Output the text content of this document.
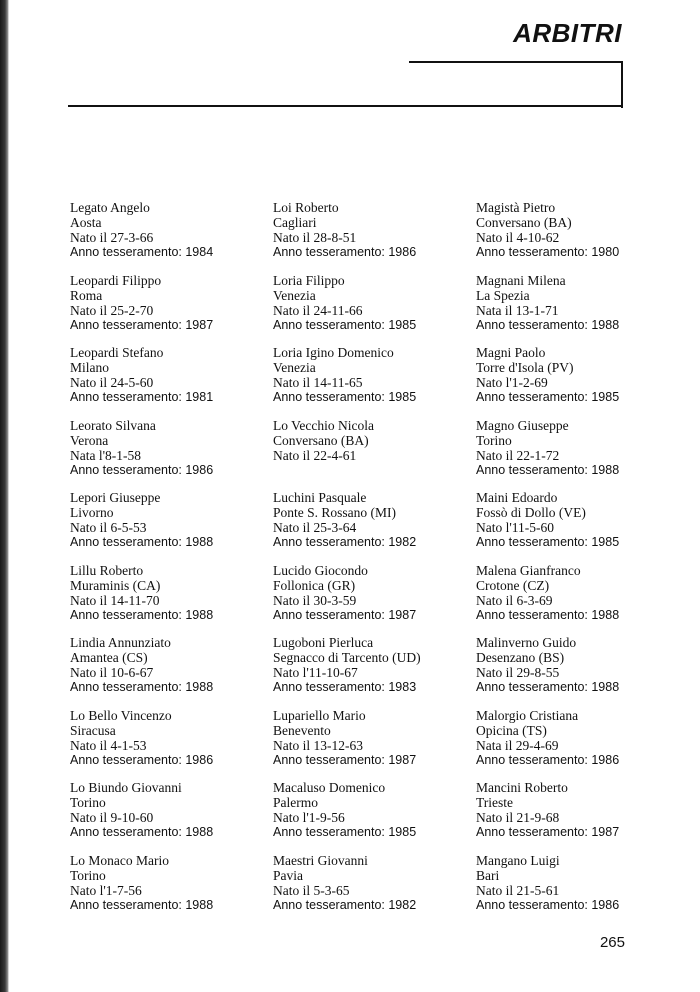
ARBITRI
Legato Angelo
Aosta
Nato il 27-3-66
Anno tesseramento: 1984
Leopardi Filippo
Roma
Nato il 25-2-70
Anno tesseramento: 1987
Leopardi Stefano
Milano
Nato il 24-5-60
Anno tesseramento: 1981
Leorato Silvana
Verona
Nata l'8-1-58
Anno tesseramento: 1986
Lepori Giuseppe
Livorno
Nato il 6-5-53
Anno tesseramento: 1988
Lillu Roberto
Muraminis (CA)
Nato il 14-11-70
Anno tesseramento: 1988
Lindia Annunziato
Amantea (CS)
Nato il 10-6-67
Anno tesseramento: 1988
Lo Bello Vincenzo
Siracusa
Nato il 4-1-53
Anno tesseramento: 1986
Lo Biundo Giovanni
Torino
Nato il 9-10-60
Anno tesseramento: 1988
Lo Monaco Mario
Torino
Nato l'1-7-56
Anno tesseramento: 1988
Loi Roberto
Cagliari
Nato il 28-8-51
Anno tesseramento: 1986
Loria Filippo
Venezia
Nato il 24-11-66
Anno tesseramento: 1985
Loria Igino Domenico
Venezia
Nato il 14-11-65
Anno tesseramento: 1985
Lo Vecchio Nicola
Conversano (BA)
Nato il 22-4-61

Luchini Pasquale
Ponte S. Rossano (MI)
Nato il 25-3-64
Anno tesseramento: 1982
Lucido Giocondo
Follonica (GR)
Nato il 30-3-59
Anno tesseramento: 1987
Lugoboni Pierluca
Segnacco di Tarcento (UD)
Nato l'11-10-67
Anno tesseramento: 1983
Lupariello Mario
Benevento
Nato il 13-12-63
Anno tesseramento: 1987
Macaluso Domenico
Palermo
Nato l'1-9-56
Anno tesseramento: 1985
Maestri Giovanni
Pavia
Nato il 5-3-65
Anno tesseramento: 1982
Magistà Pietro
Conversano (BA)
Nato il 4-10-62
Anno tesseramento: 1980
Magnani Milena
La Spezia
Nata il 13-1-71
Anno tesseramento: 1988
Magni Paolo
Torre d'Isola (PV)
Nato l'1-2-69
Anno tesseramento: 1985
Magno Giuseppe
Torino
Nato il 22-1-72
Anno tesseramento: 1988
Maini Edoardo
Fossò di Dollo (VE)
Nato l'11-5-60
Anno tesseramento: 1985
Malena Gianfranco
Crotone (CZ)
Nato il 6-3-69
Anno tesseramento: 1988
Malinverno Guido
Desenzano (BS)
Nato il 29-8-55
Anno tesseramento: 1988
Malorgio Cristiana
Opicina (TS)
Nata il 29-4-69
Anno tesseramento: 1986
Mancini Roberto
Trieste
Nato il 21-9-68
Anno tesseramento: 1987
Mangano Luigi
Bari
Nato il 21-5-61
Anno tesseramento: 1986
265
